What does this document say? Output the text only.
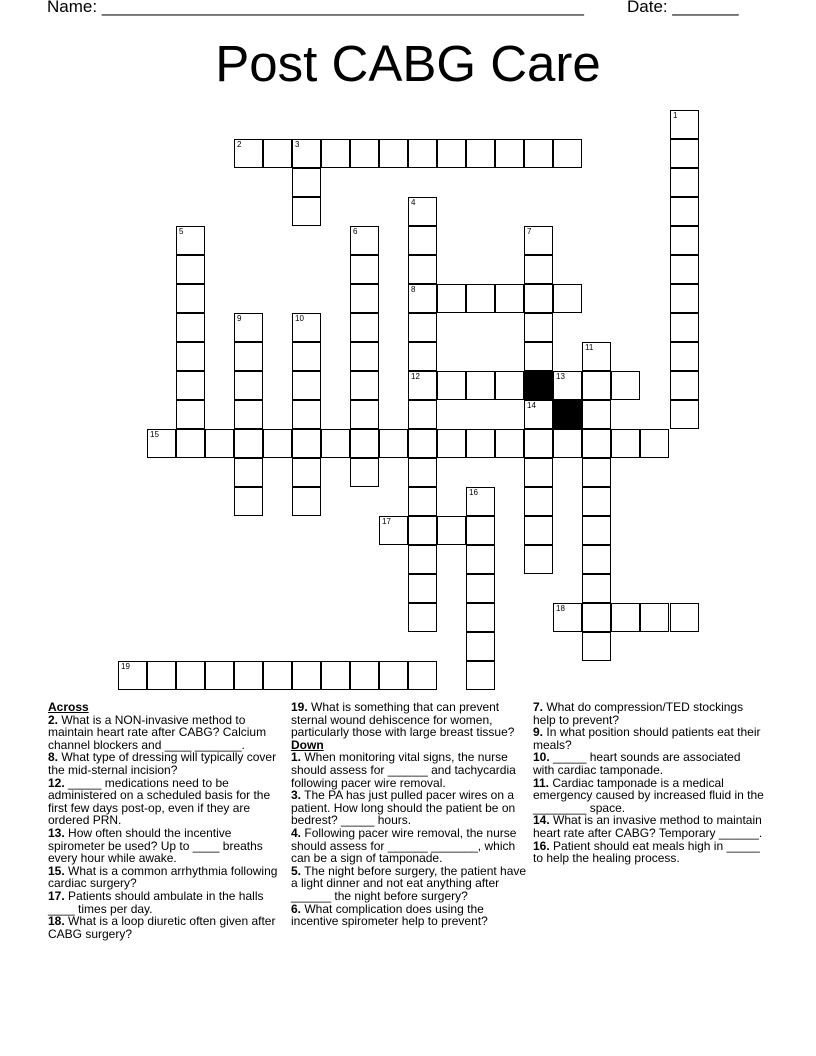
Name: ___________________________________________________	Date: _______
Post CABG Care
1
2	3
4
8
12
5	6	7
14
9	10
11
13
15
16
17
18
19
Across
2. What is a NON-invasive method to maintain heart rate after CABG? Calcium channel blockers and ____ _______.
8. What type of dressing will typically cover the mid-sternal incision?
12. _____ medications need to be administered on a scheduled basis for the first few days post-op, even if they are ordered PRN.
13. How often should the incentive spirometer be used? Up to ____ breaths every hour while awake.
15. What is a common arrhythmia following cardiac surgery?
17. Patients should ambulate in the halls ____ times per day.
18. What is a loop diuretic often given after CABG surgery?
19. What is something that can prevent sternal wound dehiscence for women, particularly those with large breast tissue?
Down
1. When monitoring vital signs, the nurse should assess for ______ and tachycardia following pacer wire removal.
3. The PA has just pulled pacer wires on a patient. How long should the patient be on bedrest? _____ hours.
4. Following pacer wire removal, the nurse should assess for ______ _______, which can be a sign of tamponade.
5. The night before surgery, the patient have a light dinner and not eat anything after ______ the night before surgery?
6. What complication does using the incentive spirometer help to prevent?
7. What do compression/TED stockings help to prevent?
9. In what position should patients eat their meals?
10. _____ heart sounds are associated with cardiac tamponade.
11. Cardiac tamponade is a medical emergency caused by increased fluid in the ________ space.
14. What is an invasive method to maintain heart rate after CABG? Temporary ______.
16. Patient should eat meals high in _____ to help the healing process.
